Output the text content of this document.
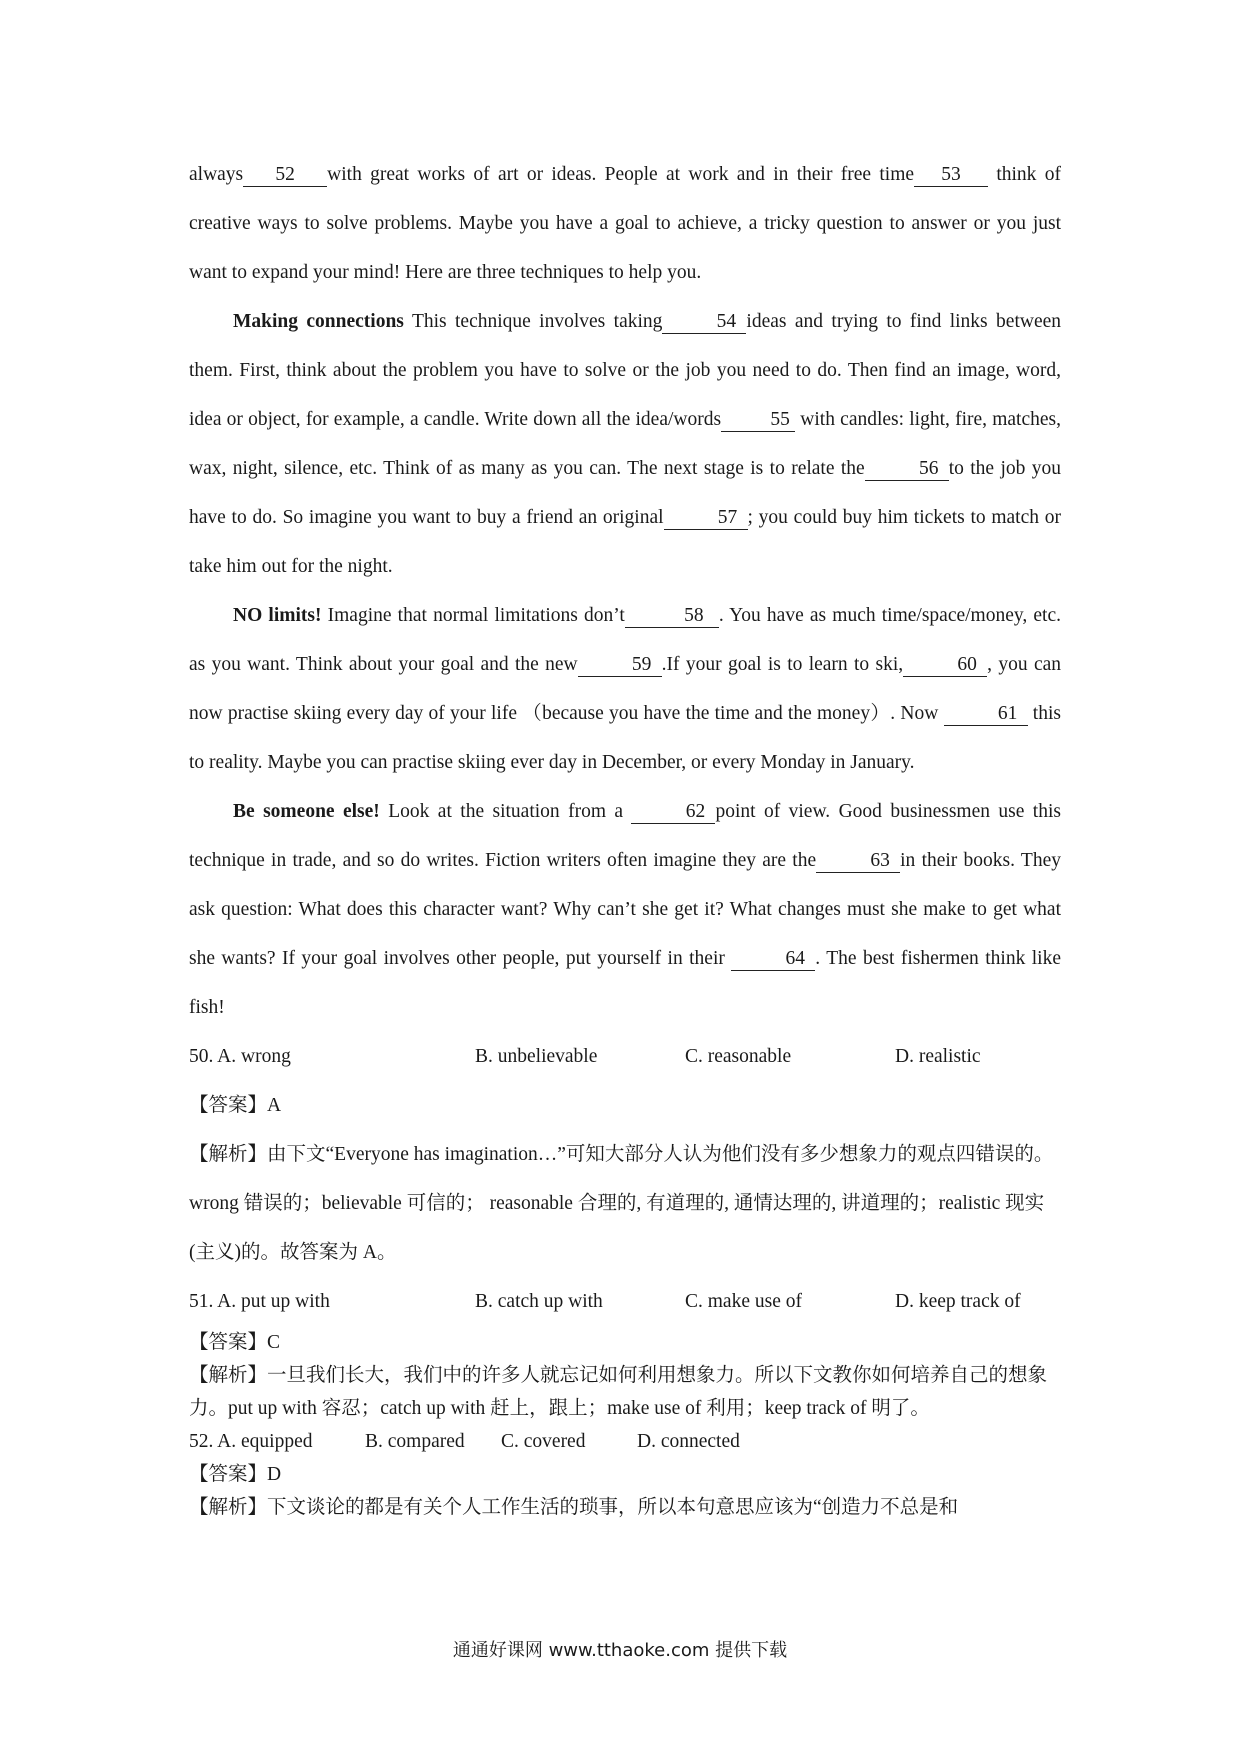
always 52 with great works of art or ideas. People at work and in their free time 53 think of creative ways to solve problems. Maybe you have a goal to achieve, a tricky question to answer or you just want to expand your mind! Here are three techniques to help you.

Making connections This technique involves taking	54 ideas and trying to find links between them. First, think about the problem you have to solve or the job you need to do. Then find an image, word, idea or object, for example, a candle. Write down all the idea/words	55 with candles: light, fire, matches, wax, night, silence, etc. Think of as many as you can. The next stage is to relate the	56 to the job you have to do. So imagine you want to buy a friend an original	57 ; you could buy him tickets to match or take him out for the night.

NO limits! Imagine that normal limitations don’t	58 . You have as much time/space/money, etc. as you want. Think about your goal and the new	59 .If your goal is to learn to ski,	60 , you can now practise skiing every day of your life （because you have the time and the money）. Now	61 this to reality. Maybe you can practise skiing ever day in December, or every Monday in January.

Be someone else! Look at the situation from a	62 point of view. Good businessmen use this technique in trade, and so do writes. Fiction writers often imagine they are the	63 in their books. They ask question: What does this character want? Why can’t she get it? What changes must she make to get what she wants? If your goal involves other people, put yourself in their	64 . The best fishermen think like fish!

50. A. wrong	B. unbelievable	C. reasonable	D. realistic

【答案】A

【解析】由下文“Everyone has imagination…”可知大部分人认为他们没有多少想象力的观点四错误的。wrong 错误的；believable 可信的； reasonable 合理的, 有道理的, 通情达理的, 讲道理的；realistic 现实(主义)的。故答案为 A。

51. A. put up with	B. catch up with	C. make use of	D. keep track of

【答案】C

【解析】一旦我们长大，我们中的许多人就忘记如何利用想象力。所以下文教你如何培养自己的想象力。put up with 容忍；catch up with 赶上，跟上；make use of 利用；keep track of 明了。

52. A. equipped	B. compared	C. covered	D. connected

【答案】D

【解析】下文谈论的都是有关个人工作生活的琐事，所以本句意思应该为“创造力不总是和

通通好课网 www.tthaoke.com 提供下载
